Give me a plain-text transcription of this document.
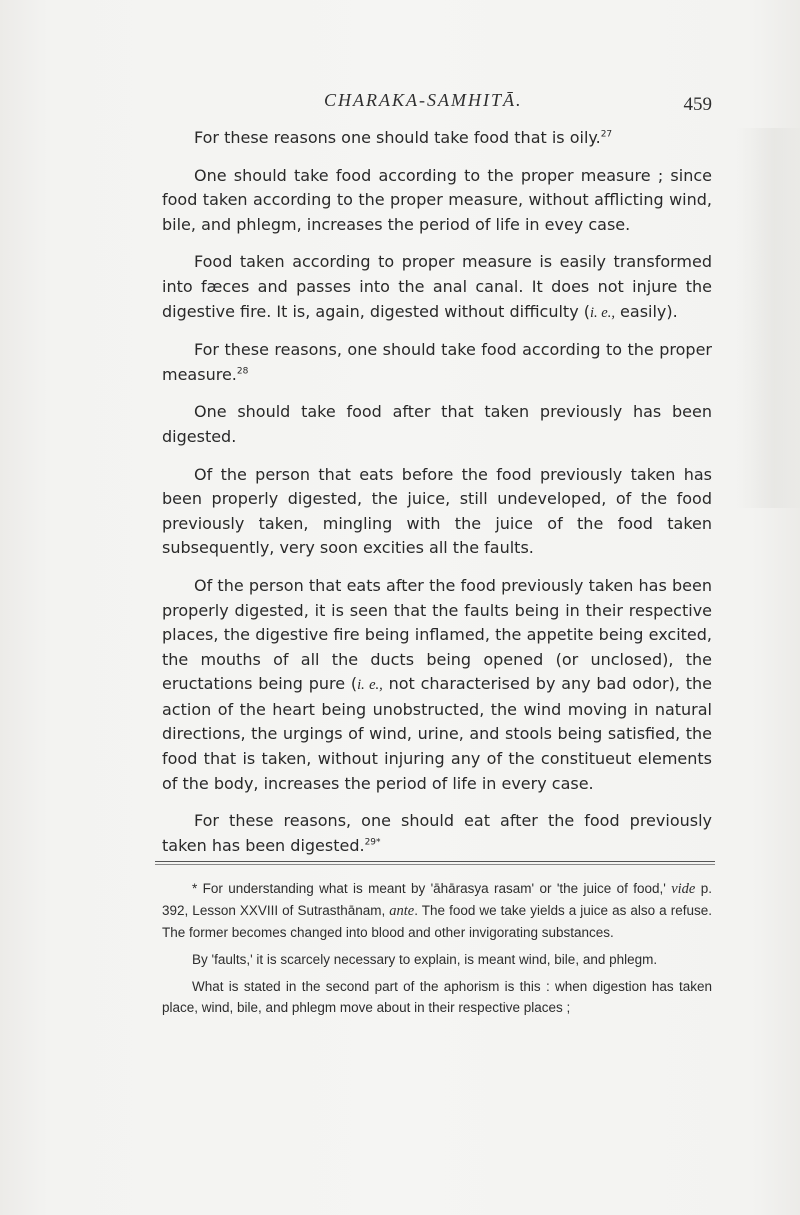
CHARAKA-SAMHITĀ.	459

For these reasons one should take food that is oily.$^{27}$

One should take food according to the proper measure ; since food taken according to the proper measure, without afflicting wind, bile, and phlegm, increases the period of life in evey case.

Food taken according to proper measure is easily transformed into fæces and passes into the anal canal. It does not injure the digestive fire. It is, again, digested without difficulty (i. e., easily).

For these reasons, one should take food according to the proper measure.$^{28}$

One should take food after that taken previously has been digested.

Of the person that eats before the food previously taken has been properly digested, the juice, still undeveloped, of the food previously taken, mingling with the juice of the food taken subsequently, very soon excities all the faults.

Of the person that eats after the food previously taken has been properly digested, it is seen that the faults being in their respective places, the digestive fire being inflamed, the appetite being excited, the mouths of all the ducts being opened (or unclosed), the eructations being pure (i. e., not characterised by any bad odor), the action of the heart being unobstructed, the wind moving in natural directions, the urgings of wind, urine, and stools being satisfied, the food that is taken, without injuring any of the constitueut elements of the body, increases the period of life in every case.

For these reasons, one should eat after the food previously taken has been digested.$^{29*}$

* For understanding what is meant by 'āhārasya rasam' or 'the juice of food,' vide p. 392, Lesson XXVIII of Sutrasthānam, ante. The food we take yields a juice as also a refuse. The former becomes changed into blood and other invigorating substances.

By 'faults,' it is scarcely necessary to explain, is meant wind, bile, and phlegm.

What is stated in the second part of the aphorism is this : when digestion has taken place, wind, bile, and phlegm move about in their respective places ;
